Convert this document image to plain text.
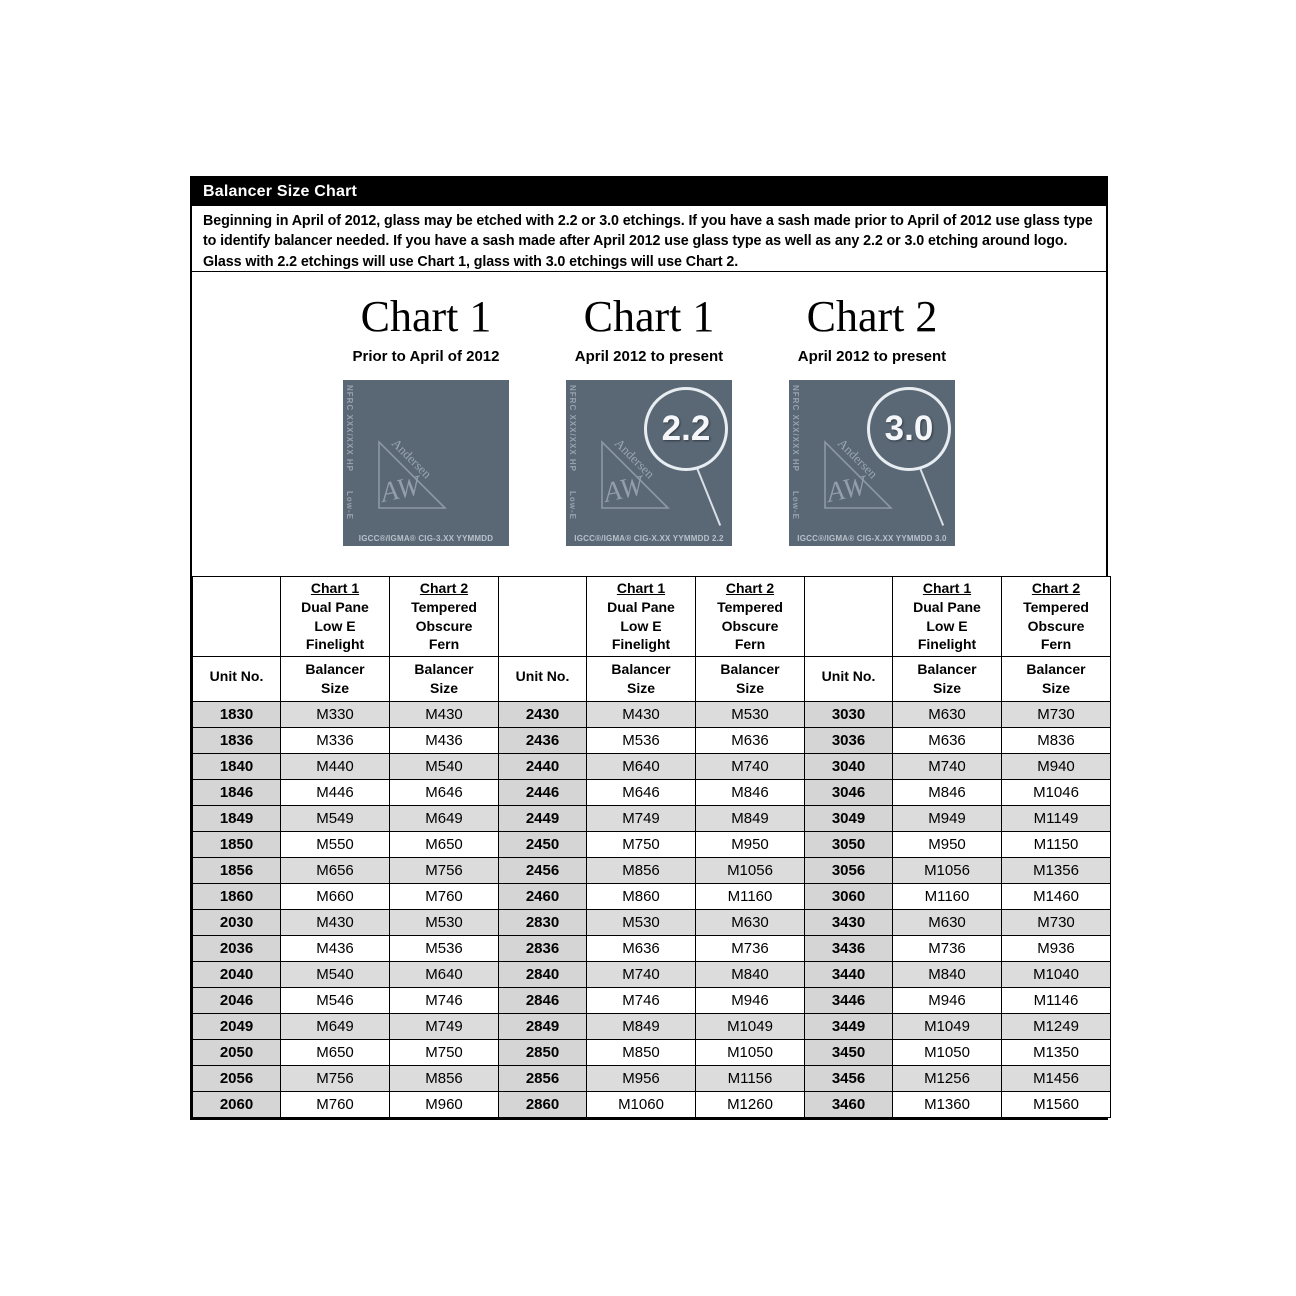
Balancer Size Chart
Beginning in April of 2012, glass may be etched with 2.2 or 3.0 etchings. If you have a sash made prior to April of 2012 use glass type to identify balancer needed. If you have a sash made after April 2012 use glass type as well as any 2.2 or 3.0 etching around logo. Glass with 2.2 etchings will use Chart 1, glass with 3.0 etchings will use Chart 2.
Chart 1
Prior to April of 2012
NFRC XXX/XXX HP
Low-E
Andersen
AW
IGCC®/IGMA® CIG-3.XX YYMMDD
Chart 1
April 2012 to present
NFRC XXX/XXX HP
Low-E
Andersen
AW
2.2
IGCC®/IGMA® CIG-X.XX YYMMDD 2.2
Chart 2
April 2012 to present
NFRC XXX/XXX HP
Low-E
Andersen
AW
3.0
IGCC®/IGMA® CIG-X.XX YYMMDD 3.0
	Chart 1
Dual Pane
Low E
Finelight	Chart 2
Tempered
Obscure
Fern		Chart 1
Dual Pane
Low E
Finelight	Chart 2
Tempered
Obscure
Fern		Chart 1
Dual Pane
Low E
Finelight	Chart 2
Tempered
Obscure
Fern
Unit No.	Balancer
Size	Balancer
Size	Unit No.	Balancer
Size	Balancer
Size	Unit No.	Balancer
Size	Balancer
Size
1830	M330	M430	2430	M430	M530	3030	M630	M730
1836	M336	M436	2436	M536	M636	3036	M636	M836
1840	M440	M540	2440	M640	M740	3040	M740	M940
1846	M446	M646	2446	M646	M846	3046	M846	M1046
1849	M549	M649	2449	M749	M849	3049	M949	M1149
1850	M550	M650	2450	M750	M950	3050	M950	M1150
1856	M656	M756	2456	M856	M1056	3056	M1056	M1356
1860	M660	M760	2460	M860	M1160	3060	M1160	M1460
2030	M430	M530	2830	M530	M630	3430	M630	M730
2036	M436	M536	2836	M636	M736	3436	M736	M936
2040	M540	M640	2840	M740	M840	3440	M840	M1040
2046	M546	M746	2846	M746	M946	3446	M946	M1146
2049	M649	M749	2849	M849	M1049	3449	M1049	M1249
2050	M650	M750	2850	M850	M1050	3450	M1050	M1350
2056	M756	M856	2856	M956	M1156	3456	M1256	M1456
2060	M760	M960	2860	M1060	M1260	3460	M1360	M1560
